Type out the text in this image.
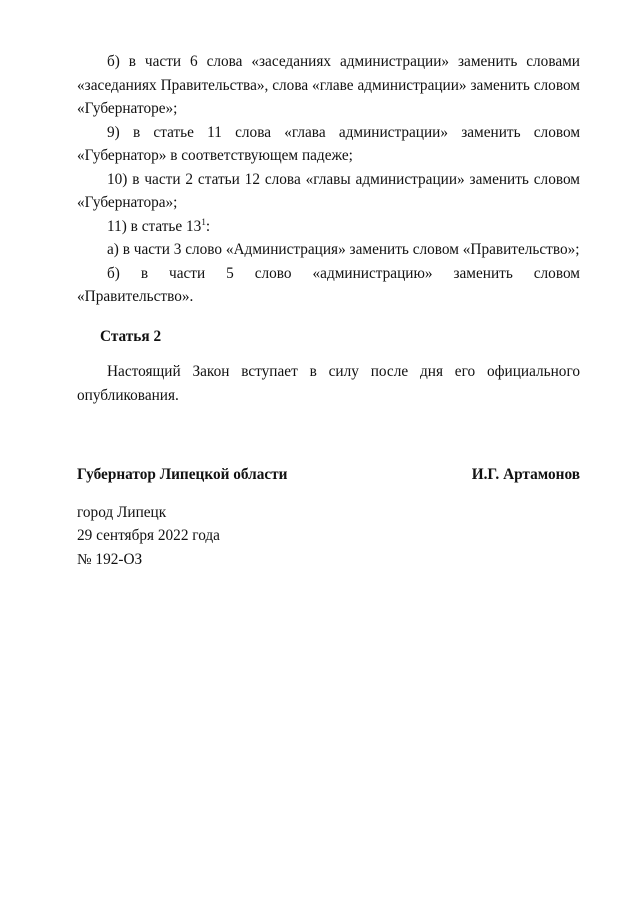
б) в части 6 слова «заседаниях администрации» заменить словами

«заседаниях Правительства», слова «главе администрации» заменить словом

«Губернаторе»;

9) в статье 11 слова «глава администрации» заменить словом

«Губернатор» в соответствующем падеже;

10) в части 2 статьи 12 слова «главы администрации» заменить словом

«Губернатора»;

11) в статье $13^1$:

а) в части 3 слово «Администрация» заменить словом «Правительство»;

б) в части 5 слово «администрацию» заменить словом «Правительство».

Статья 2

Настоящий Закон вступает в силу после дня его официального

опубликования.

Губернатор Липецкой области	И.Г. Артамонов

город Липецк

29 сентября 2022 года

№ 192-ОЗ
